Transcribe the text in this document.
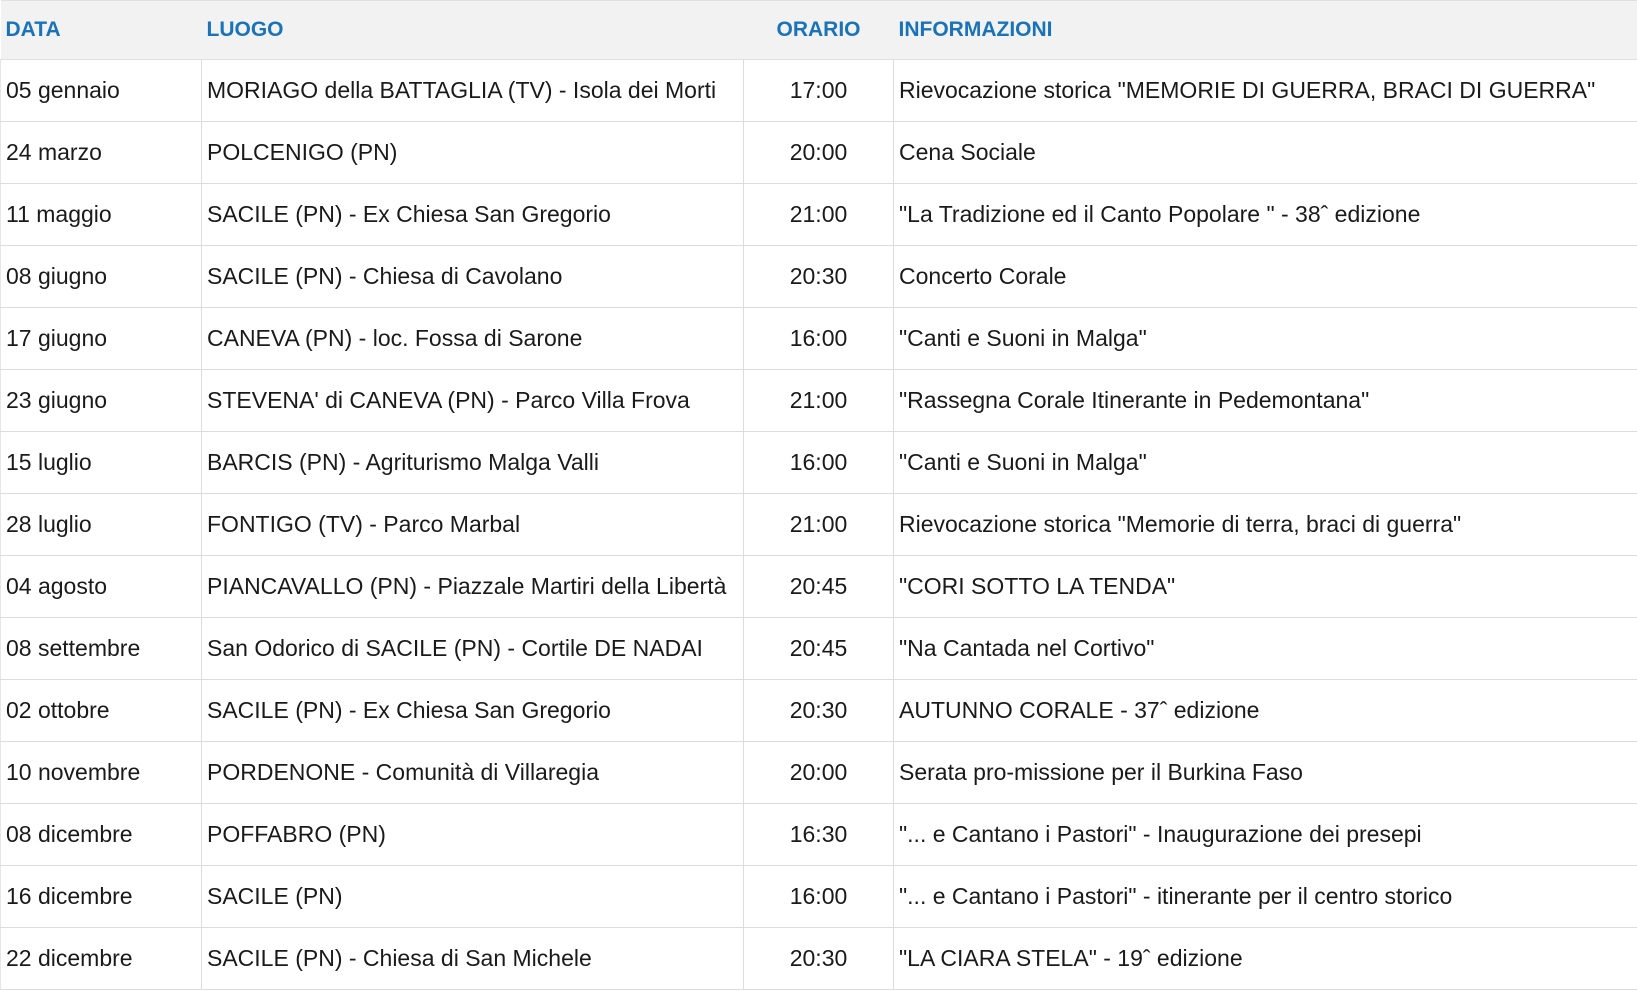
DATA	LUOGO	ORARIO	INFORMAZIONI
05 gennaio	MORIAGO della BATTAGLIA (TV) - Isola dei Morti	17:00	Rievocazione storica "MEMORIE DI GUERRA, BRACI DI GUERRA"
24 marzo	POLCENIGO (PN)	20:00	Cena Sociale
11 maggio	SACILE (PN) - Ex Chiesa San Gregorio	21:00	"La Tradizione ed il Canto Popolare " - 38ˆ edizione
08 giugno	SACILE (PN) - Chiesa di Cavolano	20:30	Concerto Corale
17 giugno	CANEVA (PN) - loc. Fossa di Sarone	16:00	"Canti e Suoni in Malga"
23 giugno	STEVENA' di CANEVA (PN) - Parco Villa Frova	21:00	"Rassegna Corale Itinerante in Pedemontana"
15 luglio	BARCIS (PN) - Agriturismo Malga Valli	16:00	"Canti e Suoni in Malga"
28 luglio	FONTIGO (TV) - Parco Marbal	21:00	Rievocazione storica "Memorie di terra, braci di guerra"
04 agosto	PIANCAVALLO (PN) - Piazzale Martiri della Libertà	20:45	"CORI SOTTO LA TENDA"
08 settembre	San Odorico di SACILE (PN) - Cortile DE NADAI	20:45	"Na Cantada nel Cortivo"
02 ottobre	SACILE (PN) - Ex Chiesa San Gregorio	20:30	AUTUNNO CORALE - 37ˆ edizione
10 novembre	PORDENONE - Comunità di Villaregia	20:00	Serata pro-missione per il Burkina Faso
08 dicembre	POFFABRO (PN)	16:30	"... e Cantano i Pastori" - Inaugurazione dei presepi
16 dicembre	SACILE (PN)	16:00	"... e Cantano i Pastori" - itinerante per il centro storico
22 dicembre	SACILE (PN) - Chiesa di San Michele	20:30	"LA CIARA STELA" - 19ˆ edizione
